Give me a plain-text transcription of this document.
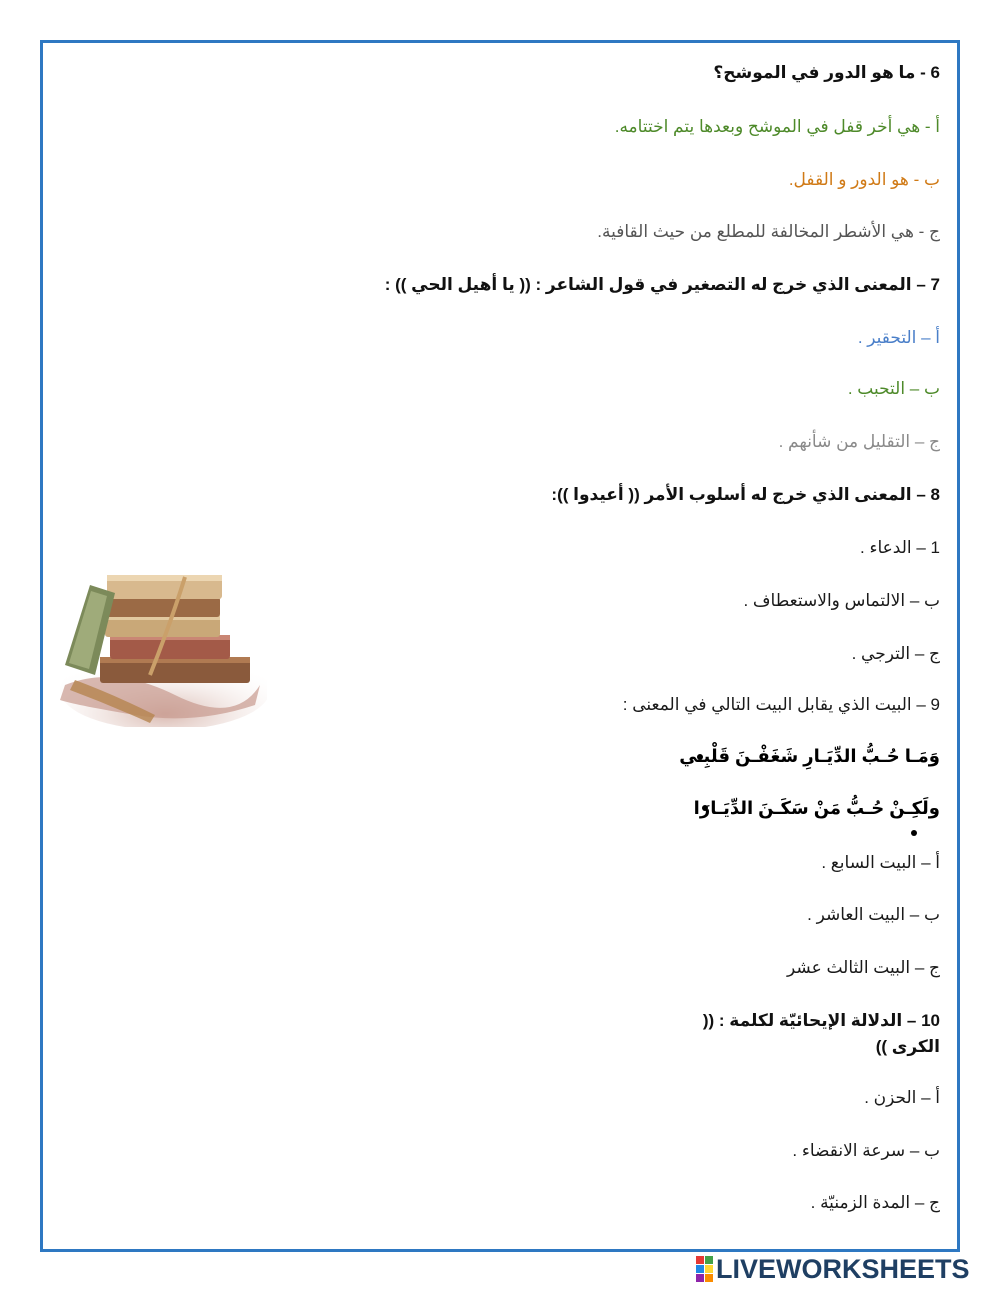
6 - ما هو الدور في الموشح؟
أ - هي أخر قفل في الموشح وبعدها يتم اختتامه.
ب - هو الدور و القفل.
ج - هي الأشطر المخالفة للمطلع من حيث القافية.
7 – المعنى الذي خرج له التصغير في قول الشاعر : (( يا أهيل الحي )) :
أ – التحقير .
ب – التحبب .
ج – التقليل من شأنهم .
8 – المعنى الذي خرج له أسلوب الأمر (( أعيدوا )):
1 – الدعاء .
ب – الالتماس والاستعطاف .
ج – الترجي .
9 – البيت الذي يقابل البيت التالي في المعنى :
وَمَـا حُـبُّ الدِّيَـارِ شَغَفْـنَ قَلْبِـي
ولَكِـنْ حُـبُّ مَنْ سَكَـنَ الدِّيَـارَا
أ – البيت السابع .
ب – البيت العاشر .
ج – البيت الثالث عشر
10 – الدلالة الإيحائيّة لكلمة : ((
الكرى ))
أ – الحزن .
ب – سرعة الانقضاء .
ج – المدة الزمنيّة .
LIVEWORKSHEETS
